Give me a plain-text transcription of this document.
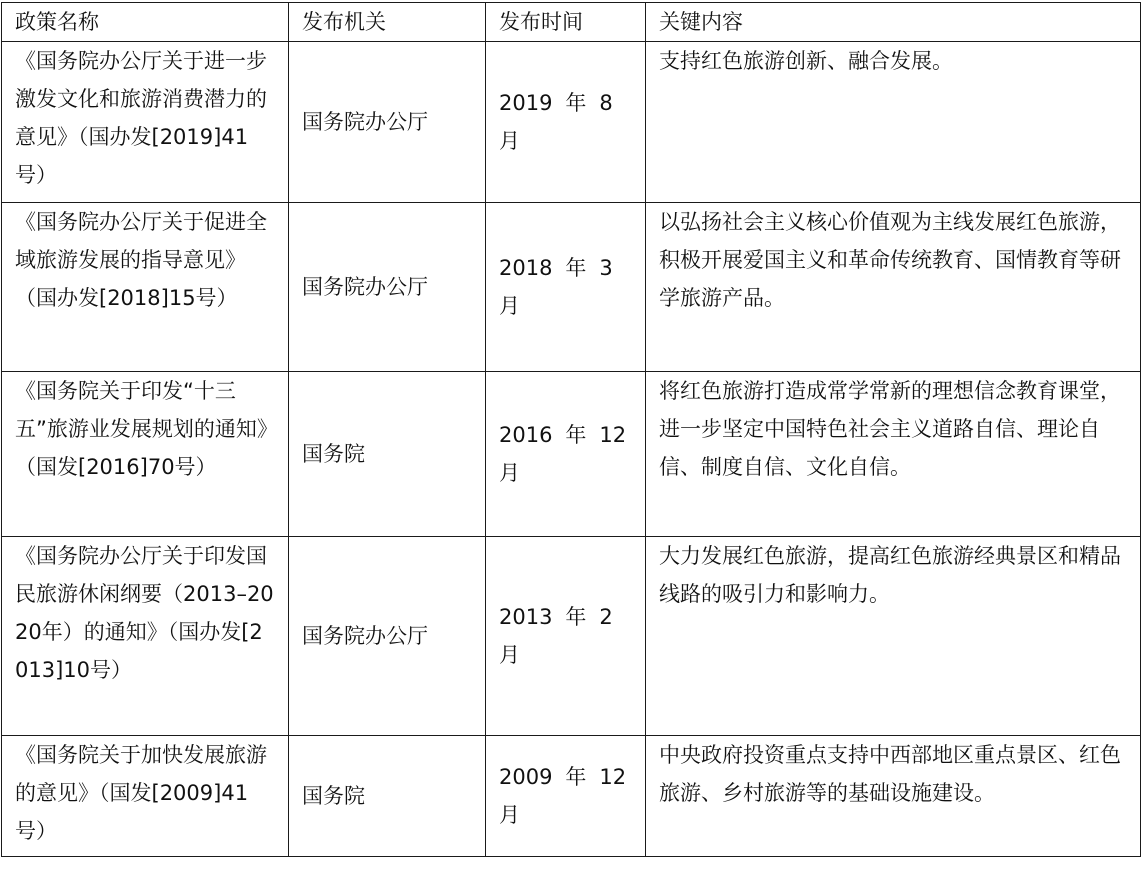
政策名称	发布机关	发布时间	关键内容
《国务院办公厅关于进一步激发文化和旅游消费潜力的意见》（国办发[2019]41号）	国务院办公厅	2019 年 8 月	支持红色旅游创新、融合发展。
《国务院办公厅关于促进全域旅游发展的指导意见》（国办发[2018]15号）	国务院办公厅	2018 年 3 月	以弘扬社会主义核心价值观为主线发展红色旅游，积极开展爱国主义和革命传统教育、国情教育等研学旅游产品。
《国务院关于印发“十三五”旅游业发展规划的通知》（国发[2016]70号）	国务院	2016 年 12 月	将红色旅游打造成常学常新的理想信念教育课堂，进一步坚定中国特色社会主义道路自信、理论自信、制度自信、文化自信。
《国务院办公厅关于印发国民旅游休闲纲要（2013–2020年）的通知》（国办发[2013]10号）	国务院办公厅	2013 年 2 月	大力发展红色旅游，提高红色旅游经典景区和精品线路的吸引力和影响力。
《国务院关于加快发展旅游的意见》（国发[2009]41号）	国务院	2009 年 12 月	中央政府投资重点支持中西部地区重点景区、红色旅游、乡村旅游等的基础设施建设。
